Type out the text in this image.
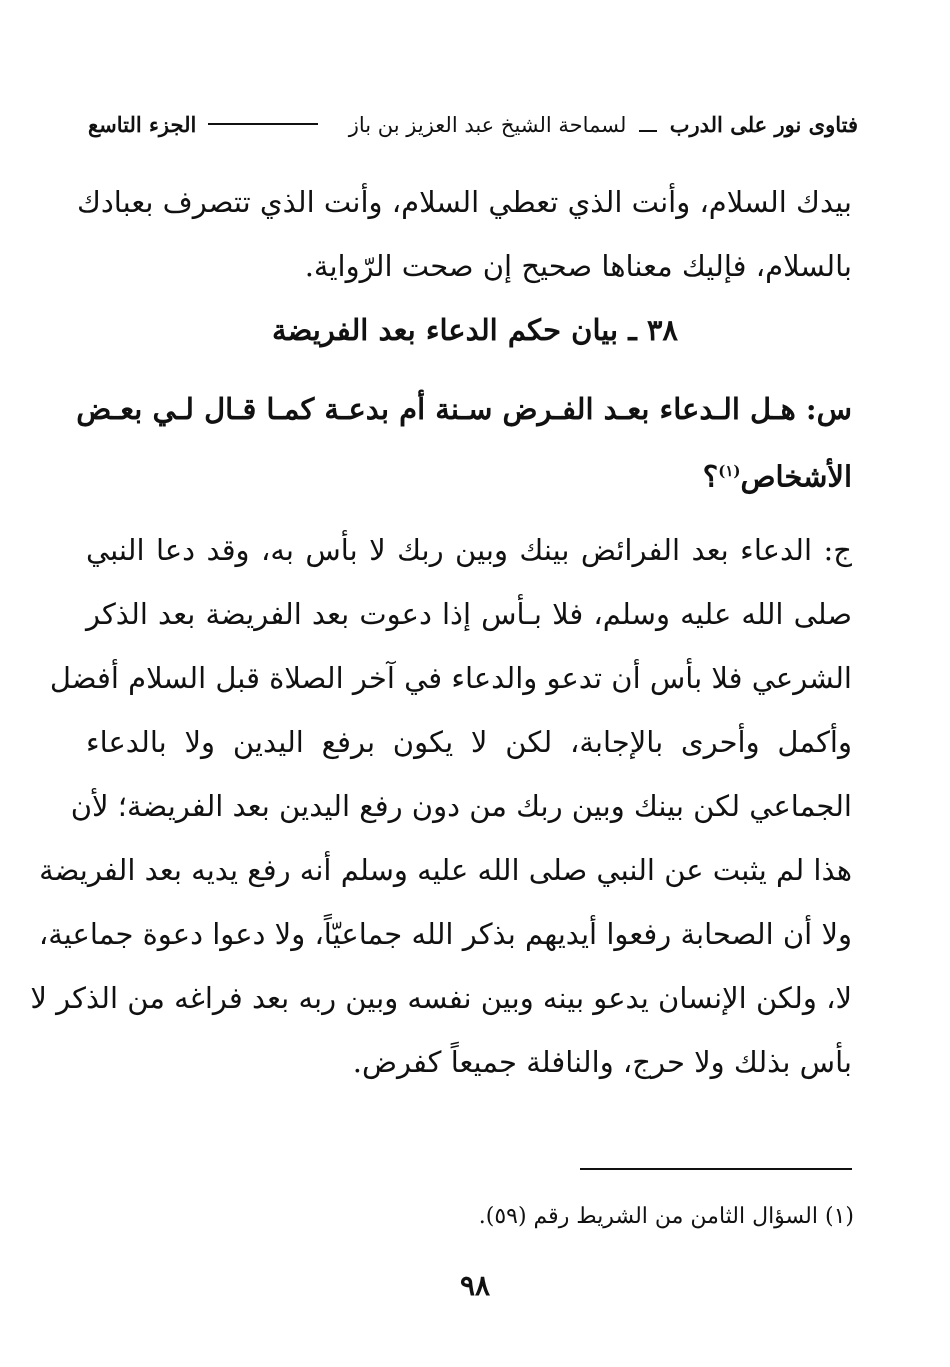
فتاوى نور على الدرب  لسماحة الشيخ عبد العزيز بن باز
الجزء التاسع
بيدك السلام، وأنت الذي تعطي السلام، وأنت الذي تتصرف بعبادك
بالسلام، فإليك معناها صحيح إن صحت الرّواية.
٣٨ ـ بيان حكم الدعاء بعد الفريضة
س: هـل الـدعاء بعـد الفـرض سـنة أم بدعـة كمـا قـال لـي بعـض
الأشخاص$^{(١)}$؟
ج: الدعاء بعد الفرائض بينك وبين ربك لا بأس به، وقد دعا النبي
صلى الله عليه وسلم، فلا بـأس إذا دعوت بعد الفريضة بعد الذكر
الشرعي فلا بأس أن تدعو والدعاء في آخر الصلاة قبل السلام أفضل
وأكمل وأحرى بالإجابة، لكن لا يكون برفع اليدين ولا بالدعاء
الجماعي لكن بينك وبين ربك من دون رفع اليدين بعد الفريضة؛ لأن
هذا لم يثبت عن النبي صلى الله عليه وسلم أنه رفع يديه بعد الفريضة
ولا أن الصحابة رفعوا أيديهم بذكر الله جماعيّاً، ولا دعوا دعوة جماعية،
لا، ولكن الإنسان يدعو بينه وبين نفسه وبين ربه بعد فراغه من الذكر لا
بأس بذلك ولا حرج، والنافلة جميعاً كفرض.
(١) السؤال الثامن من الشريط رقم (٥٩).
٩٨
